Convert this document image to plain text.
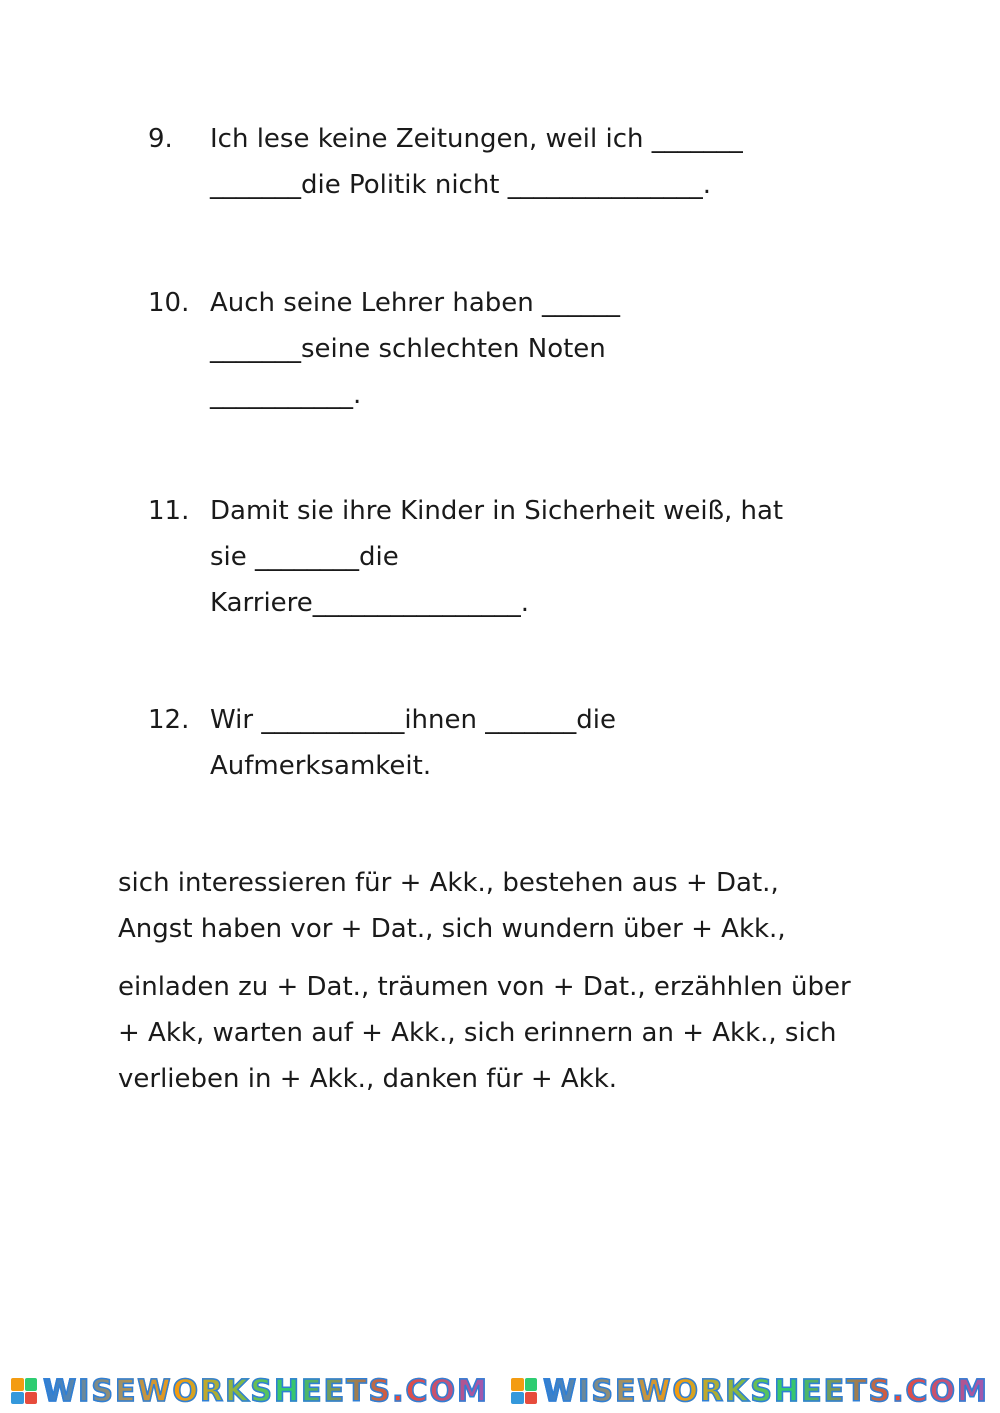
9.	Ich lese keine Zeitungen, weil ich _______
_______die Politik nicht _______________.
10. Auch seine Lehrer haben ______
_______seine schlechten Noten
___________.
11. Damit sie ihre Kinder in Sicherheit weiß, hat
sie ________die
Karriere________________.
12. Wir ___________ihnen _______die
Aufmerksamkeit.
sich interessieren für + Akk., bestehen aus + Dat.,
Angst haben vor + Dat., sich wundern über + Akk.,
einladen zu + Dat., träumen von + Dat., erzähhlen über
+ Akk, warten auf + Akk., sich erinnern an + Akk., sich
verlieben in + Akk., danken für + Akk.
WISEWORKSHEETS.COM WISEWORKSHEETS.COM
